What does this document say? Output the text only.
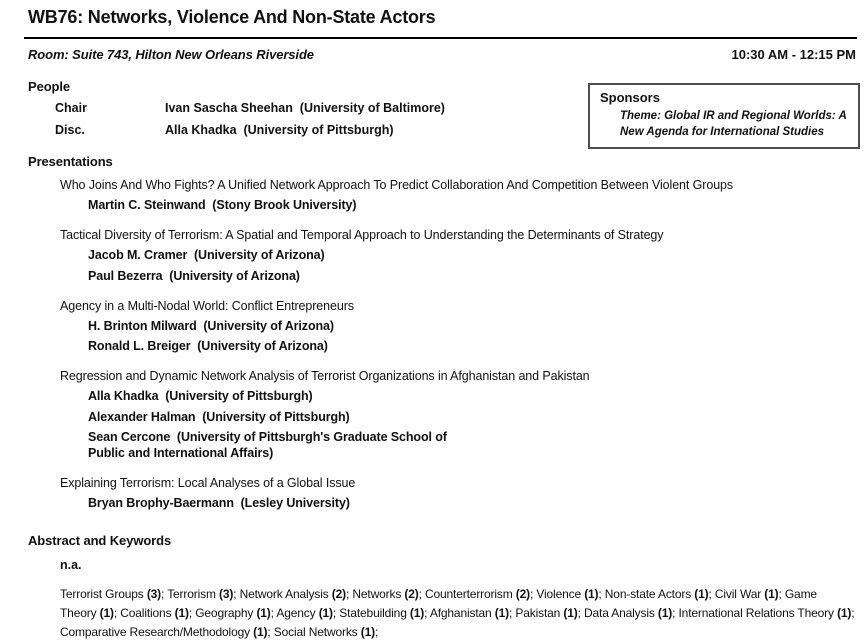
WB76: Networks, Violence And Non-State Actors
Room: Suite 743, Hilton New Orleans Riverside	10:30 AM - 12:15 PM
People
Chair	Ivan Sascha Sheehan  (University of Baltimore)
Disc.	Alla Khadka  (University of Pittsburgh)
Sponsors
Theme: Global IR and Regional Worlds: A New Agenda for International Studies
Presentations
Who Joins And Who Fights? A Unified Network Approach To Predict Collaboration And Competition Between Violent Groups
Martin C. Steinwand  (Stony Brook University)
Tactical Diversity of Terrorism: A Spatial and Temporal Approach to Understanding the Determinants of Strategy
Jacob M. Cramer  (University of Arizona)
Paul Bezerra  (University of Arizona)
Agency in a Multi-Nodal World: Conflict Entrepreneurs
H. Brinton Milward  (University of Arizona)
Ronald L. Breiger  (University of Arizona)
Regression and Dynamic Network Analysis of Terrorist Organizations in Afghanistan and Pakistan
Alla Khadka  (University of Pittsburgh)
Alexander Halman  (University of Pittsburgh)
Sean Cercone  (University of Pittsburgh's Graduate School of Public and International Affairs)
Explaining Terrorism: Local Analyses of a Global Issue
Bryan Brophy-Baermann  (Lesley University)
Abstract and Keywords
n.a.
Terrorist Groups (3); Terrorism (3); Network Analysis (2); Networks (2); Counterterrorism (2); Violence (1); Non-state Actors (1); Civil War (1); Game Theory (1); Coalitions (1); Geography (1); Agency (1); Statebuilding (1); Afghanistan (1); Pakistan (1); Data Analysis (1); International Relations Theory (1); Comparative Research/Methodology (1); Social Networks (1);
